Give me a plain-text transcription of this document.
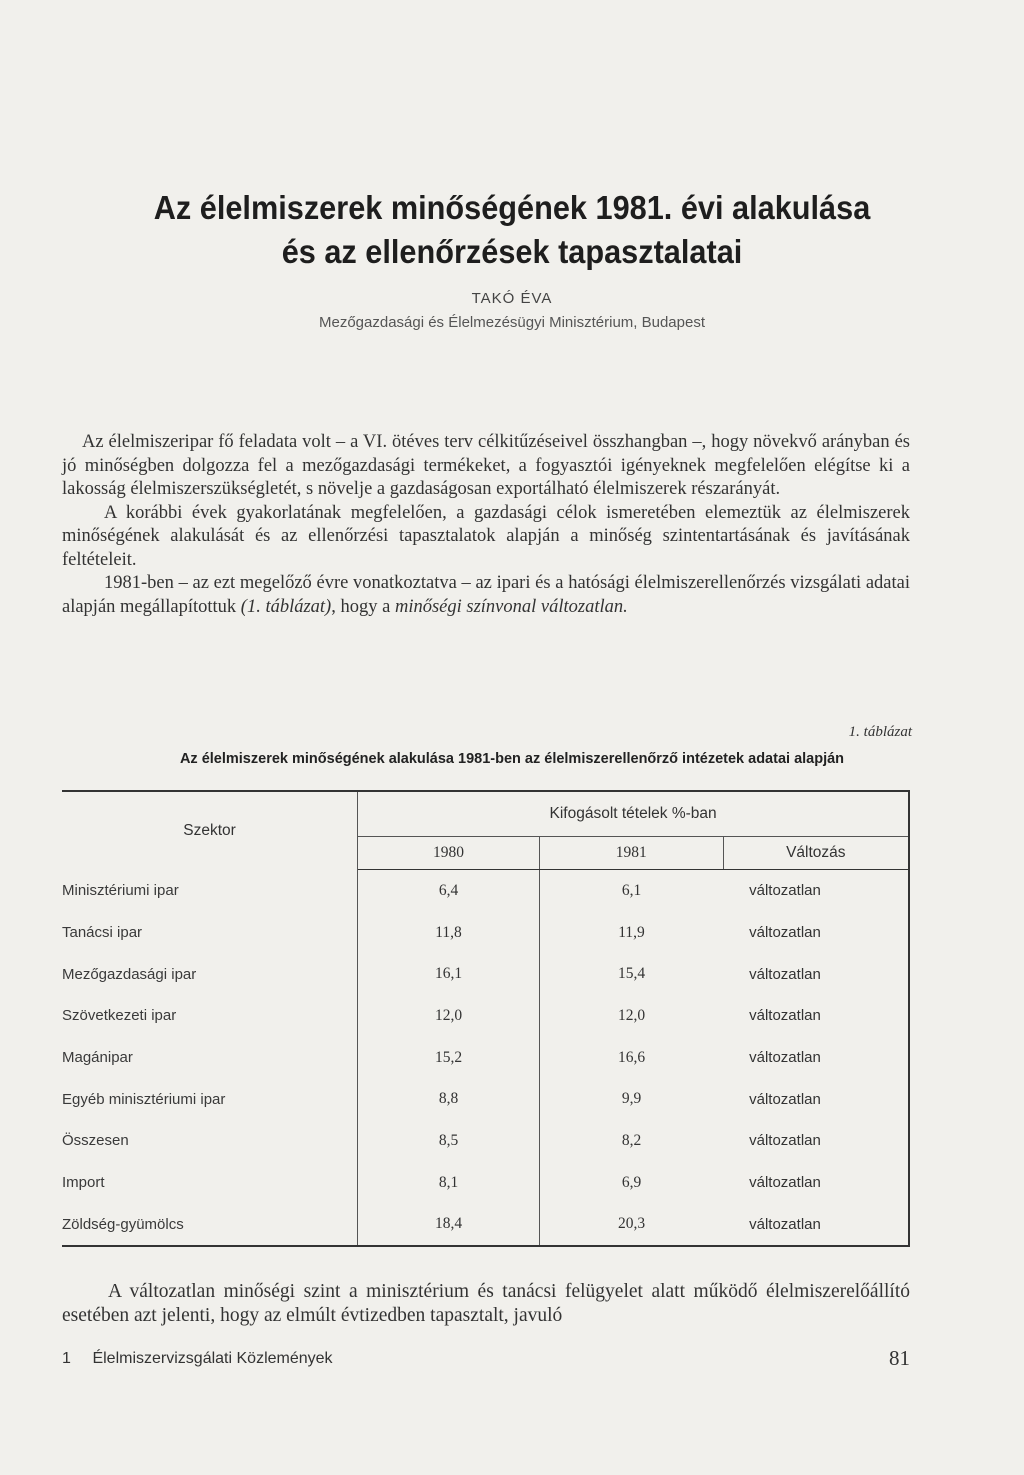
Az élelmiszerek minőségének 1981. évi alakulása
és az ellenőrzések tapasztalatai
TAKÓ ÉVA
Mezőgazdasági és Élelmezésügyi Minisztérium, Budapest

Az élelmiszeripar fő feladata volt – a VI. ötéves terv célkitűzéseivel összhangban –, hogy növekvő arányban és jó minőségben dolgozza fel a mezőgazdasági termékeket, a fogyasztói igényeknek megfelelően elégítse ki a lakosság élelmiszerszükségletét, s növelje a gazdaságosan exportálható élelmiszerek részarányát.

A korábbi évek gyakorlatának megfelelően, a gazdasági célok ismeretében elemeztük az élelmiszerek minőségének alakulását és az ellenőrzési tapasztalatok alapján a minőség szintentartásának és javításának feltételeit.

1981-ben – az ezt megelőző évre vonatkoztatva – az ipari és a hatósági élelmiszerellenőrzés vizsgálati adatai alapján megállapítottuk (1. táblázat), hogy a minőségi színvonal változatlan.

1. táblázat
Az élelmiszerek minőségének alakulása 1981-ben az élelmiszerellenőrző intézetek adatai alapján
Szektor	Kifogásolt tételek %-ban		
	1980	1981	Változás
Minisztériumi ipar	6,4	6,1	változatlan
Tanácsi ipar	11,8	11,9	változatlan
Mezőgazdasági ipar	16,1	15,4	változatlan
Szövetkezeti ipar	12,0	12,0	változatlan
Magánipar	15,2	16,6	változatlan
Egyéb minisztériumi ipar	8,8	9,9	változatlan
Összesen	8,5	8,2	változatlan
Import	8,1	6,9	változatlan
Zöldség-gyümölcs	18,4	20,3	változatlan

A változatlan minőségi szint a minisztérium és tanácsi felügyelet alatt működő élelmiszerelőállító esetében azt jelenti, hogy az elmúlt évtizedben tapasztalt, javuló

1 Élelmiszervizsgálati Közlemények	81
